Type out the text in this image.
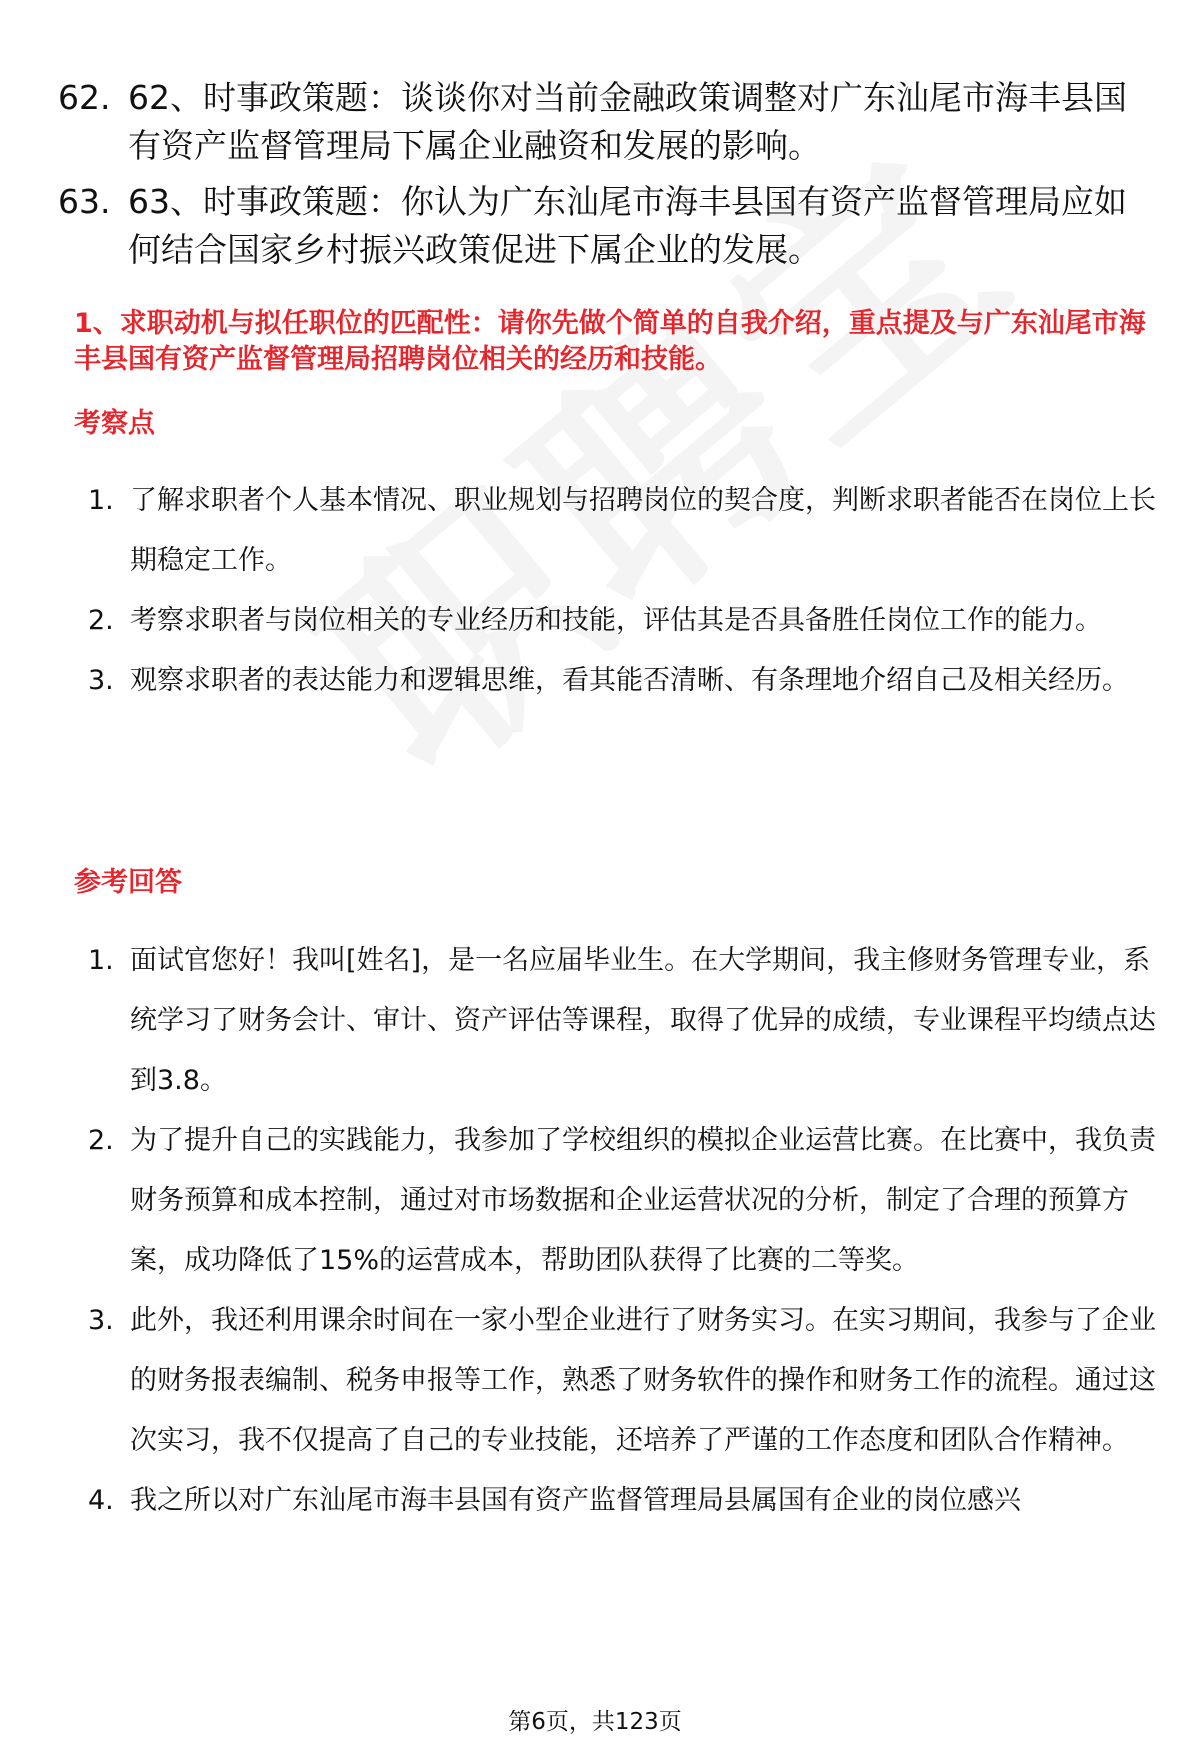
62. 62、时事政策题：谈谈你对当前金融政策调整对广东汕尾市海丰县国有资产监督管理局下属企业融资和发展的影响。
63. 63、时事政策题：你认为广东汕尾市海丰县国有资产监督管理局应如何结合国家乡村振兴政策促进下属企业的发展。
1、求职动机与拟任职位的匹配性：请你先做个简单的自我介绍，重点提及与广东汕尾市海丰县国有资产监督管理局招聘岗位相关的经历和技能。
考察点
1. 了解求职者个人基本情况、职业规划与招聘岗位的契合度，判断求职者能否在岗位上长期稳定工作。
2. 考察求职者与岗位相关的专业经历和技能，评估其是否具备胜任岗位工作的能力。
3. 观察求职者的表达能力和逻辑思维，看其能否清晰、有条理地介绍自己及相关经历。
参考回答
1. 面试官您好！我叫[姓名]，是一名应届毕业生。在大学期间，我主修财务管理专业，系统学习了财务会计、审计、资产评估等课程，取得了优异的成绩，专业课程平均绩点达到3.8。
2. 为了提升自己的实践能力，我参加了学校组织的模拟企业运营比赛。在比赛中，我负责财务预算和成本控制，通过对市场数据和企业运营状况的分析，制定了合理的预算方案，成功降低了15%的运营成本，帮助团队获得了比赛的二等奖。
3. 此外，我还利用课余时间在一家小型企业进行了财务实习。在实习期间，我参与了企业的财务报表编制、税务申报等工作，熟悉了财务软件的操作和财务工作的流程。通过这次实习，我不仅提高了自己的专业技能，还培养了严谨的工作态度和团队合作精神。
4. 我之所以对广东汕尾市海丰县国有资产监督管理局县属国有企业的岗位感兴
第6页，共123页
